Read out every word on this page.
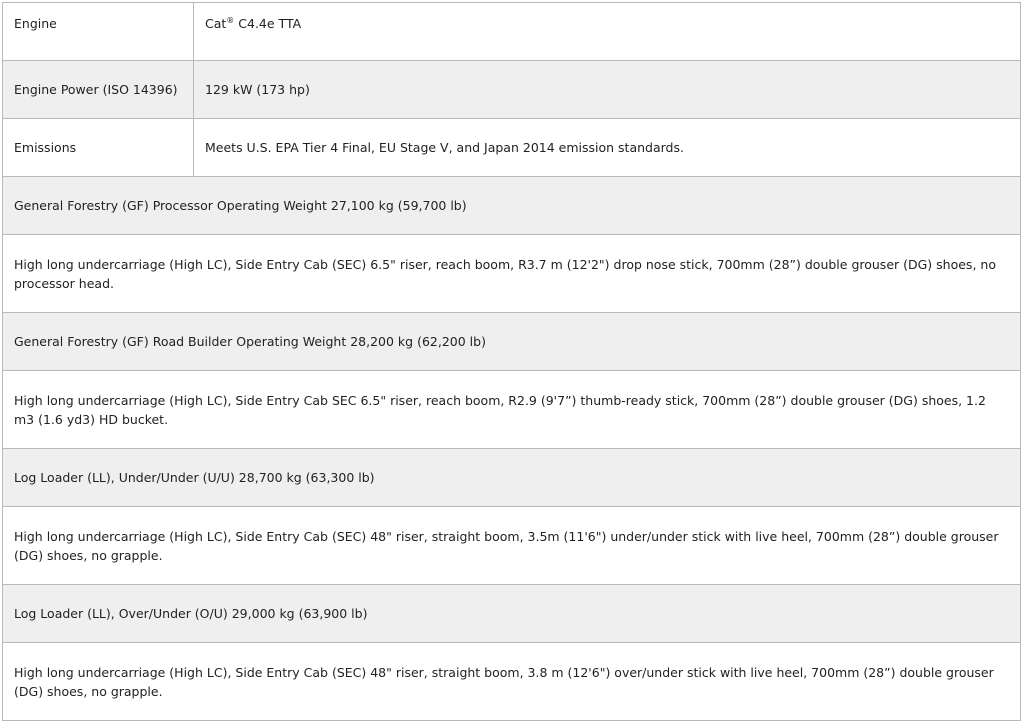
Engine	Cat® C4.4e TTA

Engine Power (ISO 14396)	129 kW (173 hp)
Emissions	Meets U.S. EPA Tier 4 Final, EU Stage V, and Japan 2014 emission standards.
General Forestry (GF) Processor Operating Weight 27,100 kg (59,700 lb)	
High long undercarriage (High LC), Side Entry Cab (SEC) 6.5" riser, reach boom, R3.7 m (12'2") drop nose stick, 700mm (28”) double grouser (DG) shoes, no processor head.	
General Forestry (GF) Road Builder Operating Weight 28,200 kg (62,200 lb)	
High long undercarriage (High LC), Side Entry Cab SEC 6.5" riser, reach boom, R2.9 (9'7”) thumb-ready stick, 700mm (28”) double grouser (DG) shoes, 1.2 m3 (1.6 yd3) HD bucket.	
Log Loader (LL), Under/Under (U/U) 28,700 kg (63,300 lb)	
High long undercarriage (High LC), Side Entry Cab (SEC) 48" riser, straight boom, 3.5m (11'6") under/under stick with live heel, 700mm (28”) double grouser (DG) shoes, no grapple.	
Log Loader (LL), Over/Under (O/U) 29,000 kg (63,900 lb)	
High long undercarriage (High LC), Side Entry Cab (SEC) 48" riser, straight boom, 3.8 m (12'6") over/under stick with live heel, 700mm (28”) double grouser (DG) shoes, no grapple.	
